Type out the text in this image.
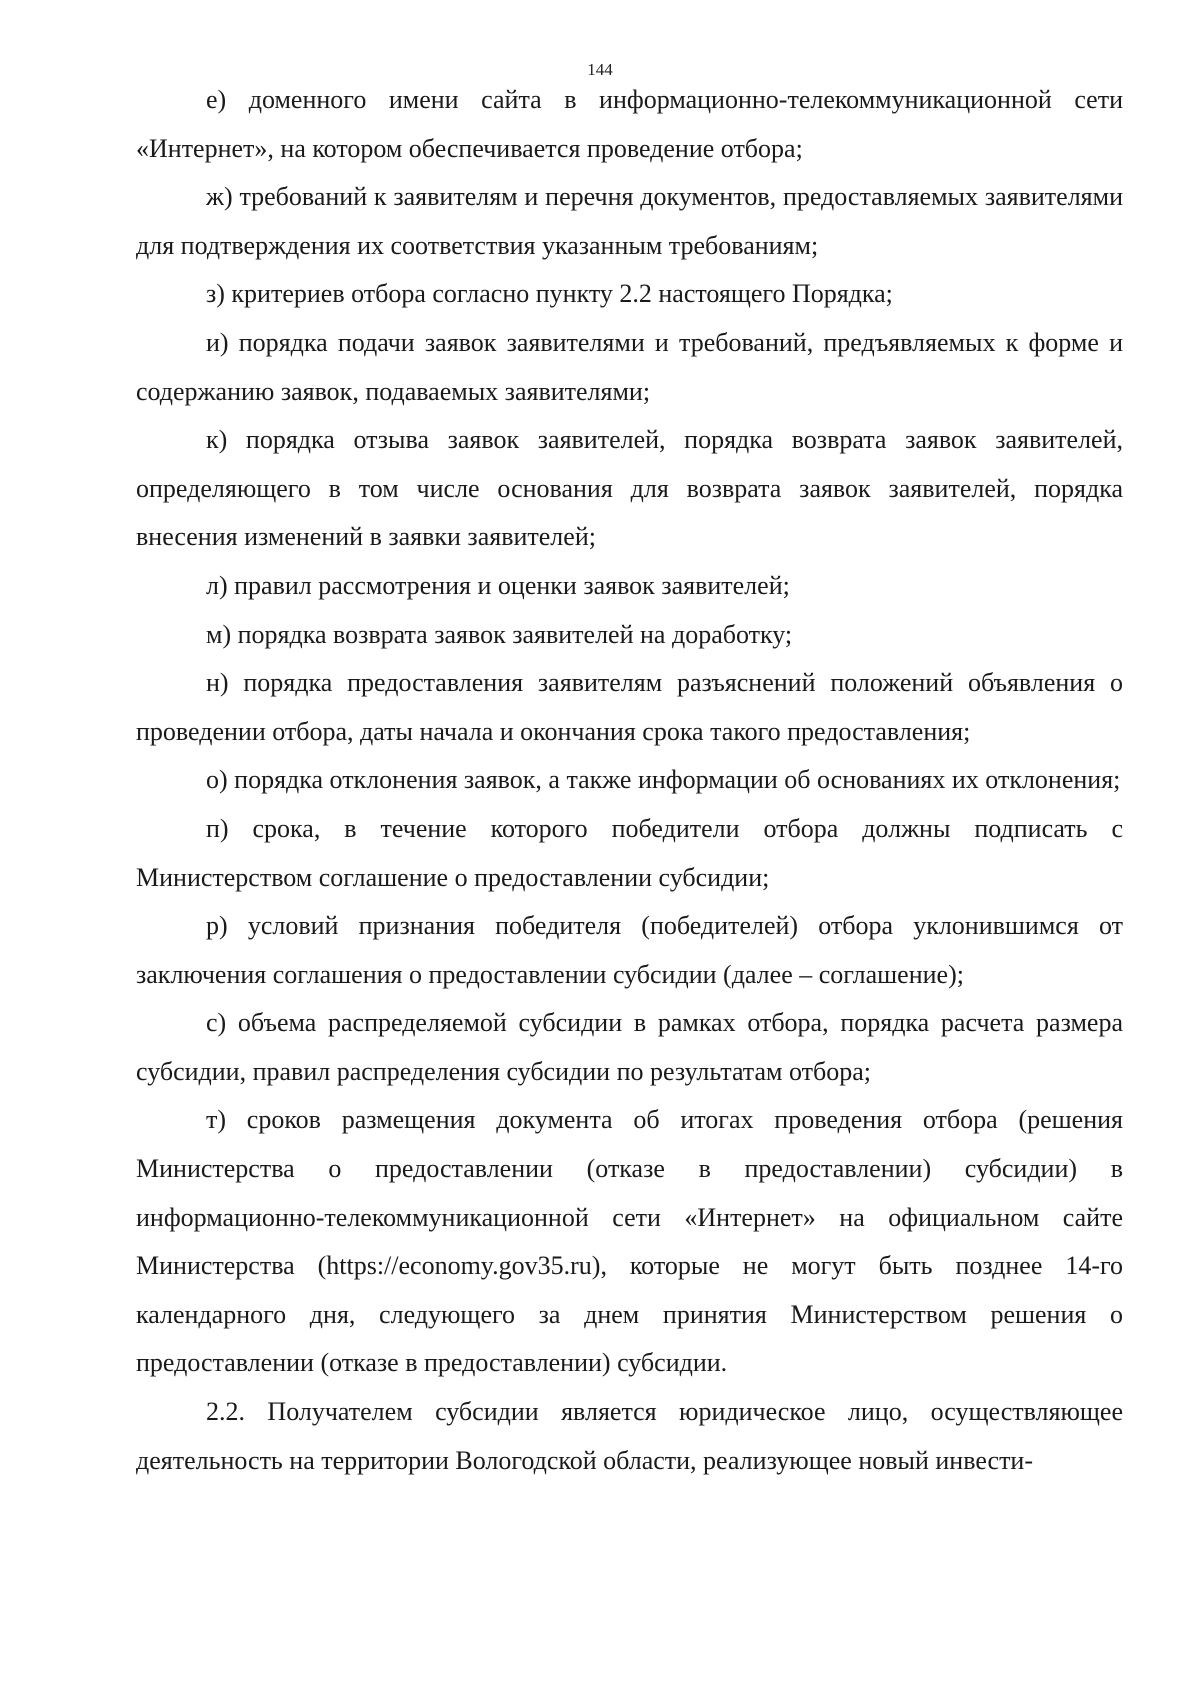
144

е) доменного имени сайта в информационно-телекоммуникационной сети «Интернет», на котором обеспечивается проведение отбора;

ж) требований к заявителям и перечня документов, предоставляемых заявителями для подтверждения их соответствия указанным требованиям;

з) критериев отбора согласно пункту 2.2 настоящего Порядка;

и) порядка подачи заявок заявителями и требований, предъявляемых к форме и содержанию заявок, подаваемых заявителями;

к) порядка отзыва заявок заявителей, порядка возврата заявок заявителей, определяющего в том числе основания для возврата заявок заявителей, порядка внесения изменений в заявки заявителей;

л) правил рассмотрения и оценки заявок заявителей;

м) порядка возврата заявок заявителей на доработку;

н) порядка предоставления заявителям разъяснений положений объявления о проведении отбора, даты начала и окончания срока такого предоставления;

о) порядка отклонения заявок, а также информации об основаниях их отклонения;

п) срока, в течение которого победители отбора должны подписать с Министерством соглашение о предоставлении субсидии;

р) условий признания победителя (победителей) отбора уклонившимся от заключения соглашения о предоставлении субсидии (далее – соглашение);

с) объема распределяемой субсидии в рамках отбора, порядка расчета размера субсидии, правил распределения субсидии по результатам отбора;

т) сроков размещения документа об итогах проведения отбора (решения Министерства о предоставлении (отказе в предоставлении) субсидии) в информационно-телекоммуникационной сети «Интернет» на официальном сайте Министерства (https://economy.gov35.ru), которые не могут быть позднее 14-го календарного дня, следующего за днем принятия Министерством решения о предоставлении (отказе в предоставлении) субсидии.

2.2. Получателем субсидии является юридическое лицо, осуществляющее деятельность на территории Вологодской области, реализующее новый инвести-
